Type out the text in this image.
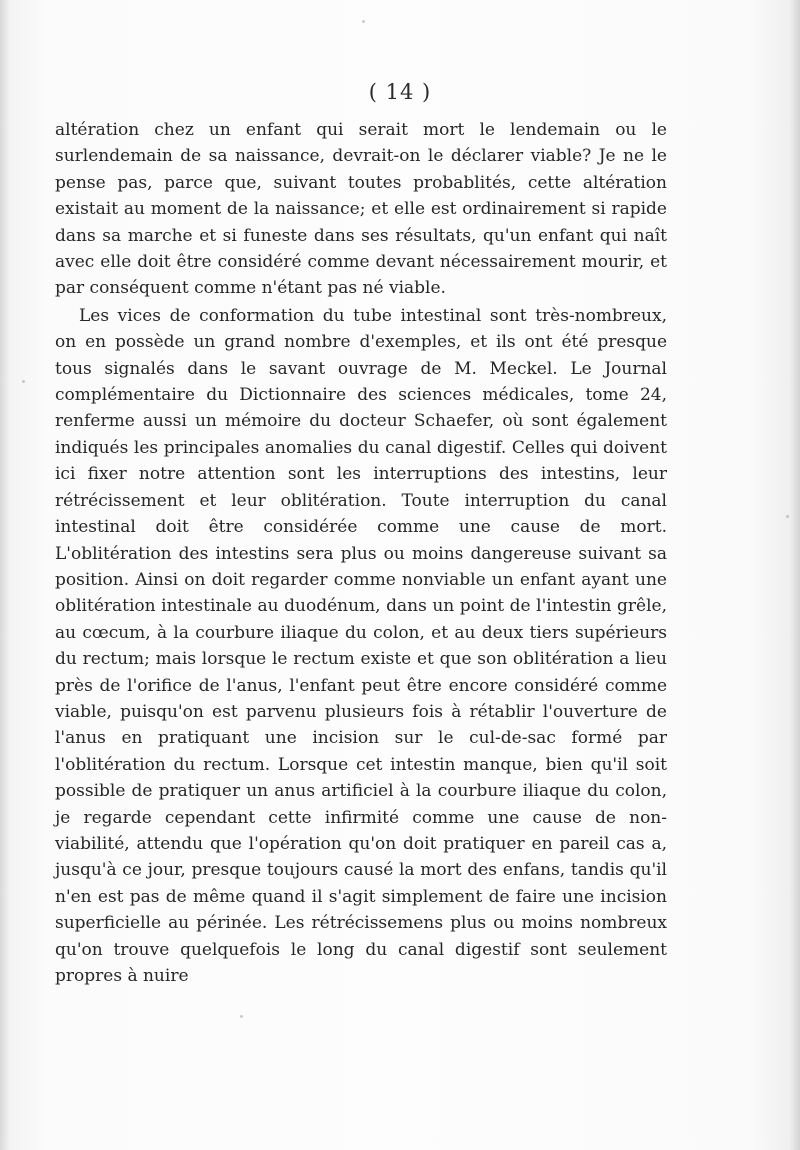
( 14 )

altération chez un enfant qui serait mort le lendemain ou le surlendemain de sa naissance, devrait-on le déclarer viable? Je ne le pense pas, parce que, suivant toutes probablités, cette altération existait au moment de la naissance; et elle est ordinairement si rapide dans sa marche et si funeste dans ses résultats, qu'un enfant qui naît avec elle doit être considéré comme devant nécessairement mourir, et par conséquent comme n'étant pas né viable.

Les vices de conformation du tube intestinal sont très-nombreux, on en possède un grand nombre d'exemples, et ils ont été presque tous signalés dans le savant ouvrage de M. Meckel. Le Journal complémentaire du Dictionnaire des sciences médicales, tome 24, renferme aussi un mémoire du docteur Schaefer, où sont également indiqués les principales anomalies du canal digestif. Celles qui doivent ici fixer notre attention sont les interruptions des intestins, leur rétrécissement et leur oblitération. Toute interruption du canal intestinal doit être considérée comme une cause de mort. L'oblitération des intestins sera plus ou moins dangereuse suivant sa position. Ainsi on doit regarder comme nonviable un enfant ayant une oblitération intestinale au duodénum, dans un point de l'intestin grêle, au cœcum, à la courbure iliaque du colon, et au deux tiers supérieurs du rectum; mais lorsque le rectum existe et que son oblitération a lieu près de l'orifice de l'anus, l'enfant peut être encore considéré comme viable, puisqu'on est parvenu plusieurs fois à rétablir l'ouverture de l'anus en pratiquant une incision sur le cul-de-sac formé par l'oblitération du rectum. Lorsque cet intestin manque, bien qu'il soit possible de pratiquer un anus artificiel à la courbure iliaque du colon, je regarde cependant cette infirmité comme une cause de non-viabilité, attendu que l'opération qu'on doit pratiquer en pareil cas a, jusqu'à ce jour, presque toujours causé la mort des enfans, tandis qu'il n'en est pas de même quand il s'agit simplement de faire une incision superficielle au périnée. Les rétrécissemens plus ou moins nombreux qu'on trouve quelquefois le long du canal digestif sont seulement propres à nuire
